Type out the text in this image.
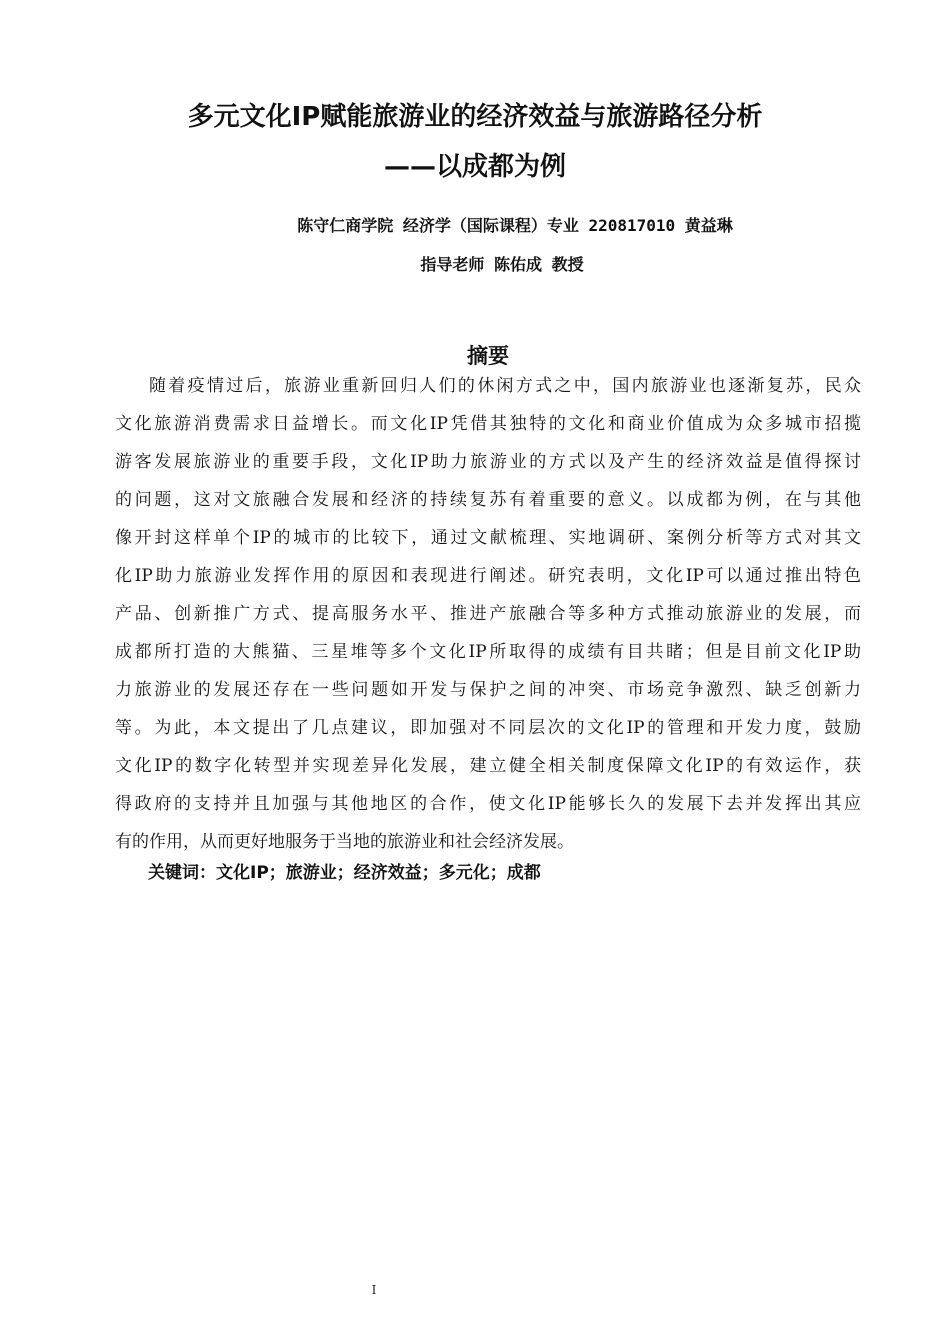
多元文化IP赋能旅游业的经济效益与旅游路径分析
——以成都为例
陈守仁商学院 经济学（国际课程）专业 220817010 黄益琳
指导老师 陈佑成 教授
摘要
随着疫情过后，旅游业重新回归人们的休闲方式之中，国内旅游业也逐渐复苏，民众
文化旅游消费需求日益增长。而文化IP凭借其独特的文化和商业价值成为众多城市招揽
游客发展旅游业的重要手段，文化IP助力旅游业的方式以及产生的经济效益是值得探讨
的问题，这对文旅融合发展和经济的持续复苏有着重要的意义。以成都为例，在与其他
像开封这样单个IP的城市的比较下，通过文献梳理、实地调研、案例分析等方式对其文
化IP助力旅游业发挥作用的原因和表现进行阐述。研究表明，文化IP可以通过推出特色
产品、创新推广方式、提高服务水平、推进产旅融合等多种方式推动旅游业的发展，而
成都所打造的大熊猫、三星堆等多个文化IP所取得的成绩有目共睹；但是目前文化IP助
力旅游业的发展还存在一些问题如开发与保护之间的冲突、市场竞争激烈、缺乏创新力
等。为此，本文提出了几点建议，即加强对不同层次的文化IP的管理和开发力度，鼓励
文化IP的数字化转型并实现差异化发展，建立健全相关制度保障文化IP的有效运作，获
得政府的支持并且加强与其他地区的合作，使文化IP能够长久的发展下去并发挥出其应
有的作用，从而更好地服务于当地的旅游业和社会经济发展。
关键词：文化IP；旅游业；经济效益；多元化；成都
I
